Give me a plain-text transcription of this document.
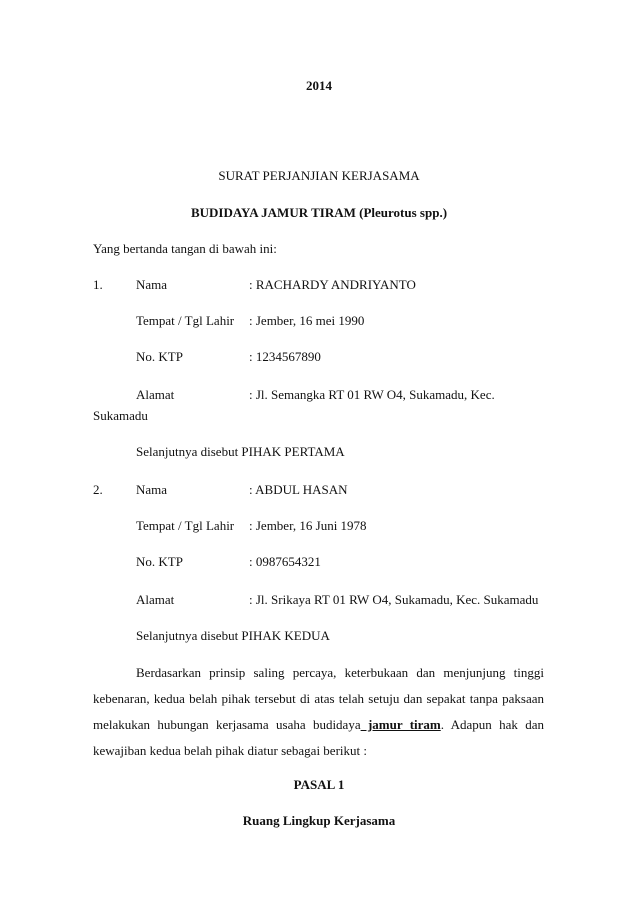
2014
SURAT PERJANJIAN KERJASAMA
BUDIDAYA JAMUR TIRAM (Pleurotus spp.)
Yang bertanda tangan di bawah ini:
1.	Nama	: RACHARDY ANDRIYANTO
Tempat / Tgl Lahir : Jember, 16 mei 1990
No. KTP	: 1234567890
Alamat	: Jl. Semangka RT 01 RW O4, Sukamadu, Kec.
Sukamadu
Selanjutnya disebut PIHAK PERTAMA
2.	Nama	: ABDUL HASAN
Tempat / Tgl Lahir : Jember, 16 Juni 1978
No. KTP	: 0987654321
Alamat	: Jl. Srikaya RT 01 RW O4, Sukamadu, Kec. Sukamadu
Selanjutnya disebut PIHAK KEDUA
Berdasarkan prinsip saling percaya, keterbukaan dan menjunjung tinggi
kebenaran, kedua belah pihak tersebut di atas telah setuju dan sepakat tanpa paksaan
melakukan hubungan kerjasama usaha budidaya jamur tiram. Adapun hak dan
kewajiban kedua belah pihak diatur sebagai berikut :
PASAL 1
Ruang Lingkup Kerjasama
